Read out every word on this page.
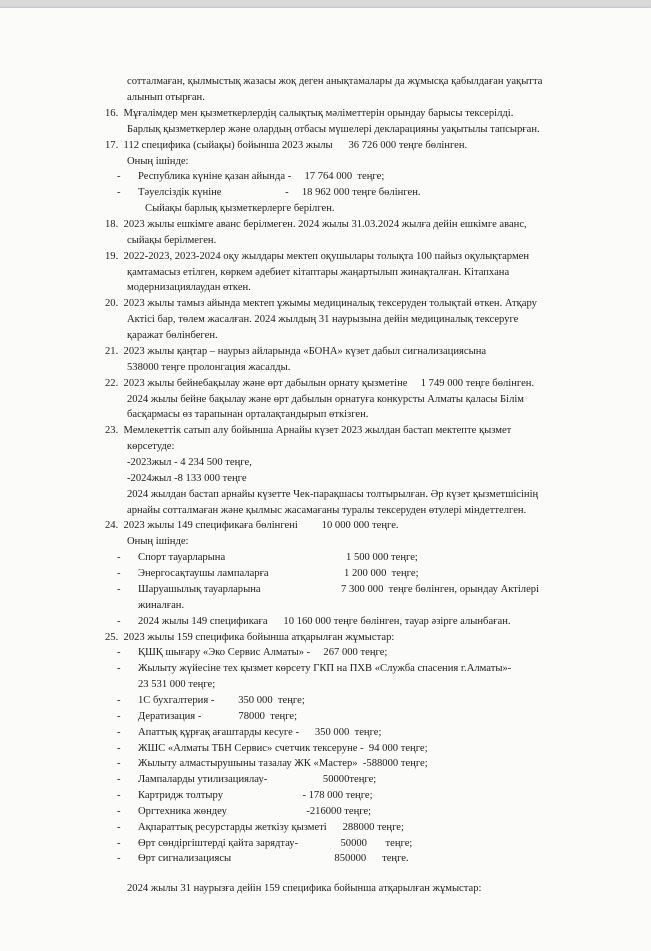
сотталмаған, қылмыстық жазасы жоқ деген анықтамалары да жұмысқа қабылдаған уақытта
алынып отырған.
16.  Мұғалімдер мен қызметкерлердің салықтық мәліметтерін орындау барысы тексерілді.
Барлық қызметкерлер және олардың отбасы мүшелері декларацияны уақытылы тапсырған.
17.  112 спецификa (сыйақы) бойынша 2023 жылы      36 726 000 теңге бөлінген.
Оның ішінде:
- Республика күніне қазан айында -     17 764 000  теңге;
- Тәуелсіздік күніне                        -     18 962 000 теңге бөлінген.
Сыйақы барлық қызметкерлерге берілген.
18.  2023 жылы ешкімге аванс берілмеген. 2024 жылы 31.03.2024 жылға дейін ешкімге аванс,
сыйақы берілмеген.
19.  2022-2023, 2023-2024 оқу жылдары мектеп оқушылары толықта 100 пайыз оқулықтармен
қамтамасыз етілген, көркем әдебиет кітаптары жаңартылып жинақталған. Кітапхана
модернизациялаудан өткен.
20.  2023 жылы тамыз айында мектеп ұжымы медициналық тексеруден толықтай өткен. Атқару
Актісі бар, төлем жасалған. 2024 жылдың 31 наурызына дейін медициналық тексеруге
қаражат бөлінбеген.
21.  2023 жылы қаңтар – наурыз айларында «БОНА» күзет дабыл сигнализациясына
538000 теңге пролонгация жасалды.
22.  2023 жылы бейнебақылау және өрт дабылын орнату қызметіне     1 749 000 теңге бөлінген.
2024 жылы бейне бақылау және өрт дабылын орнатуға конкурсты Алматы қаласы Білім
басқармасы өз тарапынан орталақтандырып өткізген.
23.  Мемлекеттік сатып алу бойынша Арнайы күзет 2023 жылдан бастап мектепте қызмет
көрсетуде:
-2023жыл - 4 234 500 теңге,
-2024жыл -8 133 000 теңге
2024 жылдан бастап арнайы күзетте Чек-парақшасы толтырылған. Әр күзет қызметшісінің
арнайы сотталмаған және қылмыс жасамағаны туралы тексеруден өтулері міндеттелген.
24.  2023 жылы 149 спецификаға бөлінгені         10 000 000 теңге.
Оның ішінде:
- Спорт тауарларына	1 500 000 теңге;
- Энергосақтаушы лампаларға	1 200 000  теңге;
- Шаруашылық тауарларына	7 300 000  теңге бөлінген, орындау Актілері
жиналған.
- 2024 жылы 149 спецификаға      10 160 000 теңге бөлінген, тауар әзірге алынбаған.
25.  2023 жылы 159 спецификa бойынша атқарылған жұмыстар:
- ҚШҚ шығару «Эко Сервис Алматы» -     267 000 теңге;
- Жылыту жүйесіне тех қызмет көрсету ГКП на ПХВ «Служба спасения г.Алматы»-
23 531 000 теңге;
- 1С бухгалтерия -         350 000  теңге;
- Дератизация -              78000  теңге;
- Апаттық құрғақ ағаштарды кесуге -      350 000  теңге;
- ЖШС «Алматы ТБН Сервис» счетчик тексеруне -  94 000 теңге;
- Жылыту алмастырушыны тазалау ЖК «Мастер»  -588000 теңге;
- Лампаларды утилизациялау-                     50000теңге;
- Картридж толтыру                              - 178 000 теңге;
- Оргтехника жөндеу                              -216000 теңге;
- Ақпараттық ресурстарды жеткізу қызметі      288000 теңге;
- Өрт сөндіргіштерді қайта зарядтау-                50000       теңге;
- Өрт сигнализациясы                                       850000      теңге.
2024 жылы 31 наурызға дейін 159 спецификa бойынша атқарылған жұмыстар:
